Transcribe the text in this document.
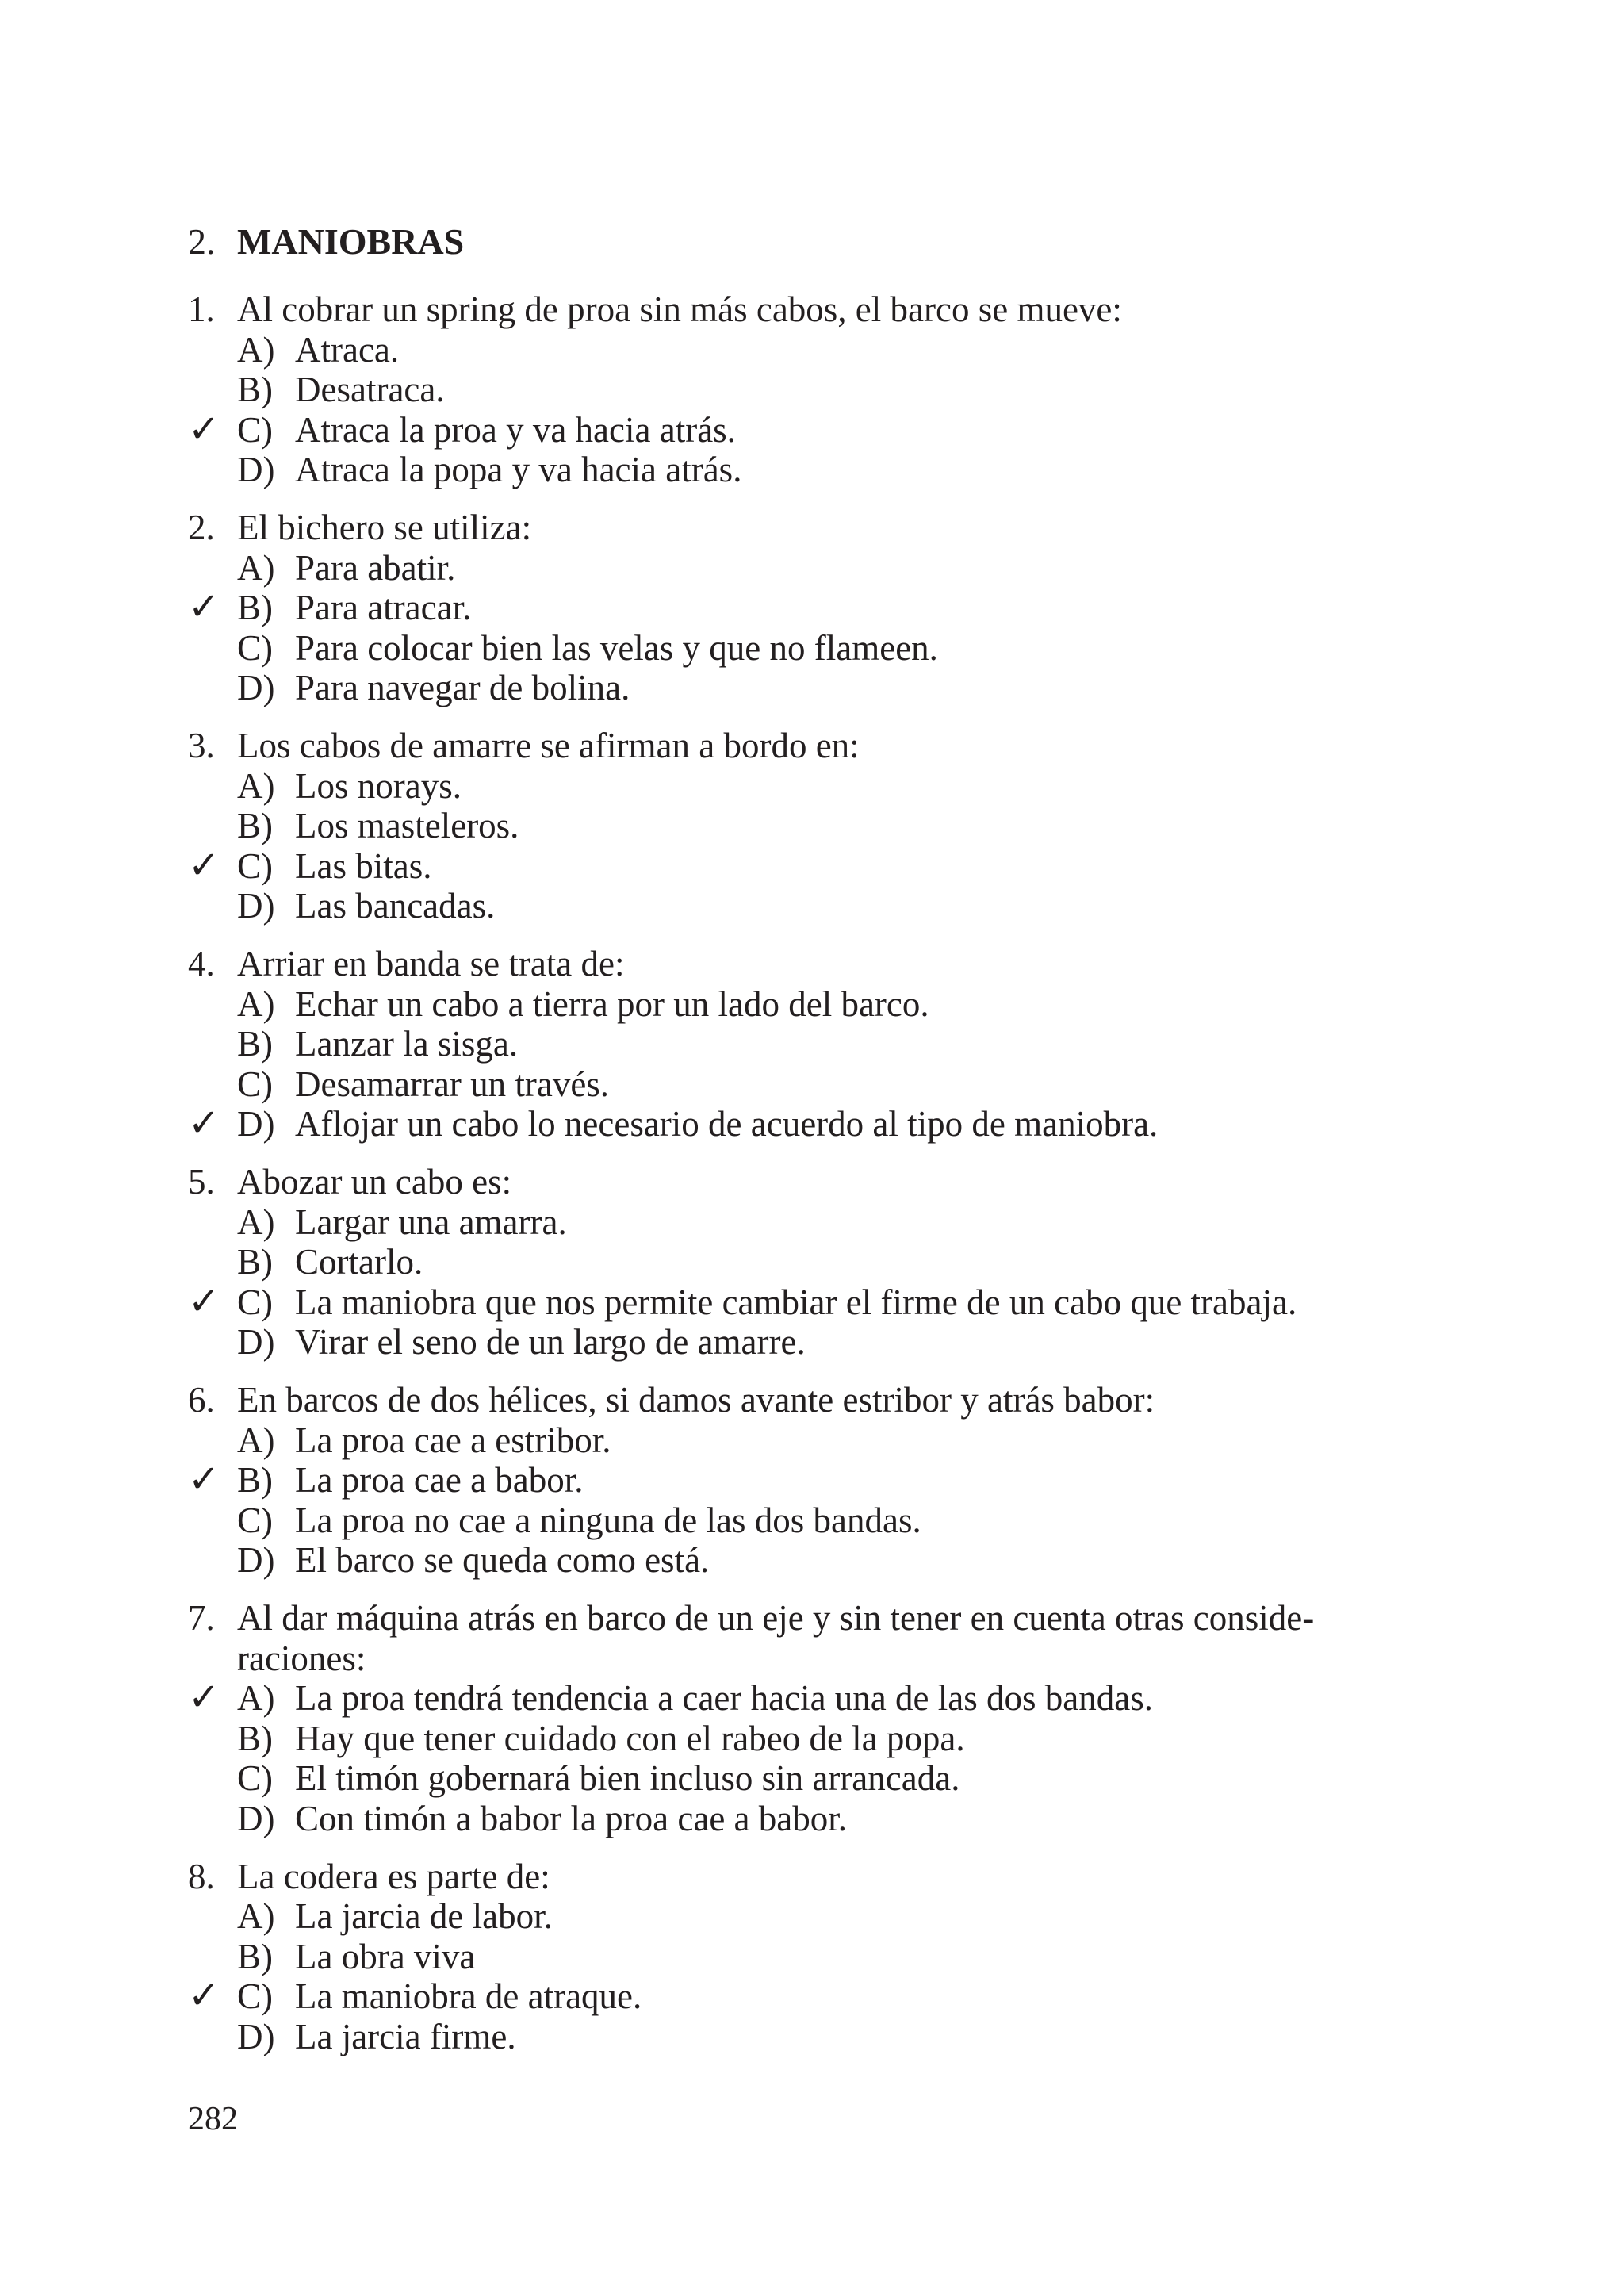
2. MANIOBRAS
1. Al cobrar un spring de proa sin más cabos, el barco se mueve:
A) Atraca.
B) Desatraca.
✓ C) Atraca la proa y va hacia atrás.
D) Atraca la popa y va hacia atrás.
2. El bichero se utiliza:
A) Para abatir.
✓ B) Para atracar.
C) Para colocar bien las velas y que no flameen.
D) Para navegar de bolina.
3. Los cabos de amarre se afirman a bordo en:
A) Los norays.
B) Los masteleros.
✓ C) Las bitas.
D) Las bancadas.
4. Arriar en banda se trata de:
A) Echar un cabo a tierra por un lado del barco.
B) Lanzar la sisga.
C) Desamarrar un través.
✓ D) Aflojar un cabo lo necesario de acuerdo al tipo de maniobra.
5. Abozar un cabo es:
A) Largar una amarra.
B) Cortarlo.
✓ C) La maniobra que nos permite cambiar el firme de un cabo que trabaja.
D) Virar el seno de un largo de amarre.
6. En barcos de dos hélices, si damos avante estribor y atrás babor:
A) La proa cae a estribor.
✓ B) La proa cae a babor.
C) La proa no cae a ninguna de las dos bandas.
D) El barco se queda como está.
7. Al dar máquina atrás en barco de un eje y sin tener en cuenta otras conside-
raciones:
✓ A) La proa tendrá tendencia a caer hacia una de las dos bandas.
B) Hay que tener cuidado con el rabeo de la popa.
C) El timón gobernará bien incluso sin arrancada.
D) Con timón a babor la proa cae a babor.
8. La codera es parte de:
A) La jarcia de labor.
B) La obra viva
✓ C) La maniobra de atraque.
D) La jarcia firme.
282
